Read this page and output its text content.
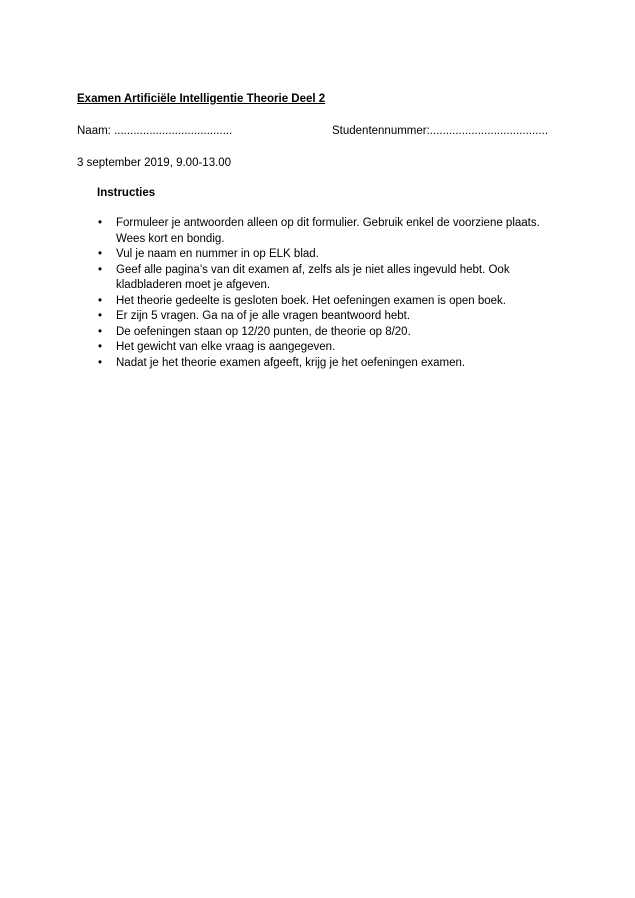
Examen Artificiële Intelligentie Theorie Deel 2
Naam: .....................................	Studentennummer:.....................................
3 september 2019, 9.00-13.00
Instructies
• Formuleer je antwoorden alleen op dit formulier. Gebruik enkel de voorziene plaats. Wees kort en bondig.
• Vul je naam en nummer in op ELK blad.
• Geef alle pagina’s van dit examen af, zelfs als je niet alles ingevuld hebt. Ook kladbladeren moet je afgeven.
• Het theorie gedeelte is gesloten boek. Het oefeningen examen is open boek.
• Er zijn 5 vragen. Ga na of je alle vragen beantwoord hebt.
• De oefeningen staan op 12/20 punten, de theorie op 8/20.
• Het gewicht van elke vraag is aangegeven.
• Nadat je het theorie examen afgeeft, krijg je het oefeningen examen.
